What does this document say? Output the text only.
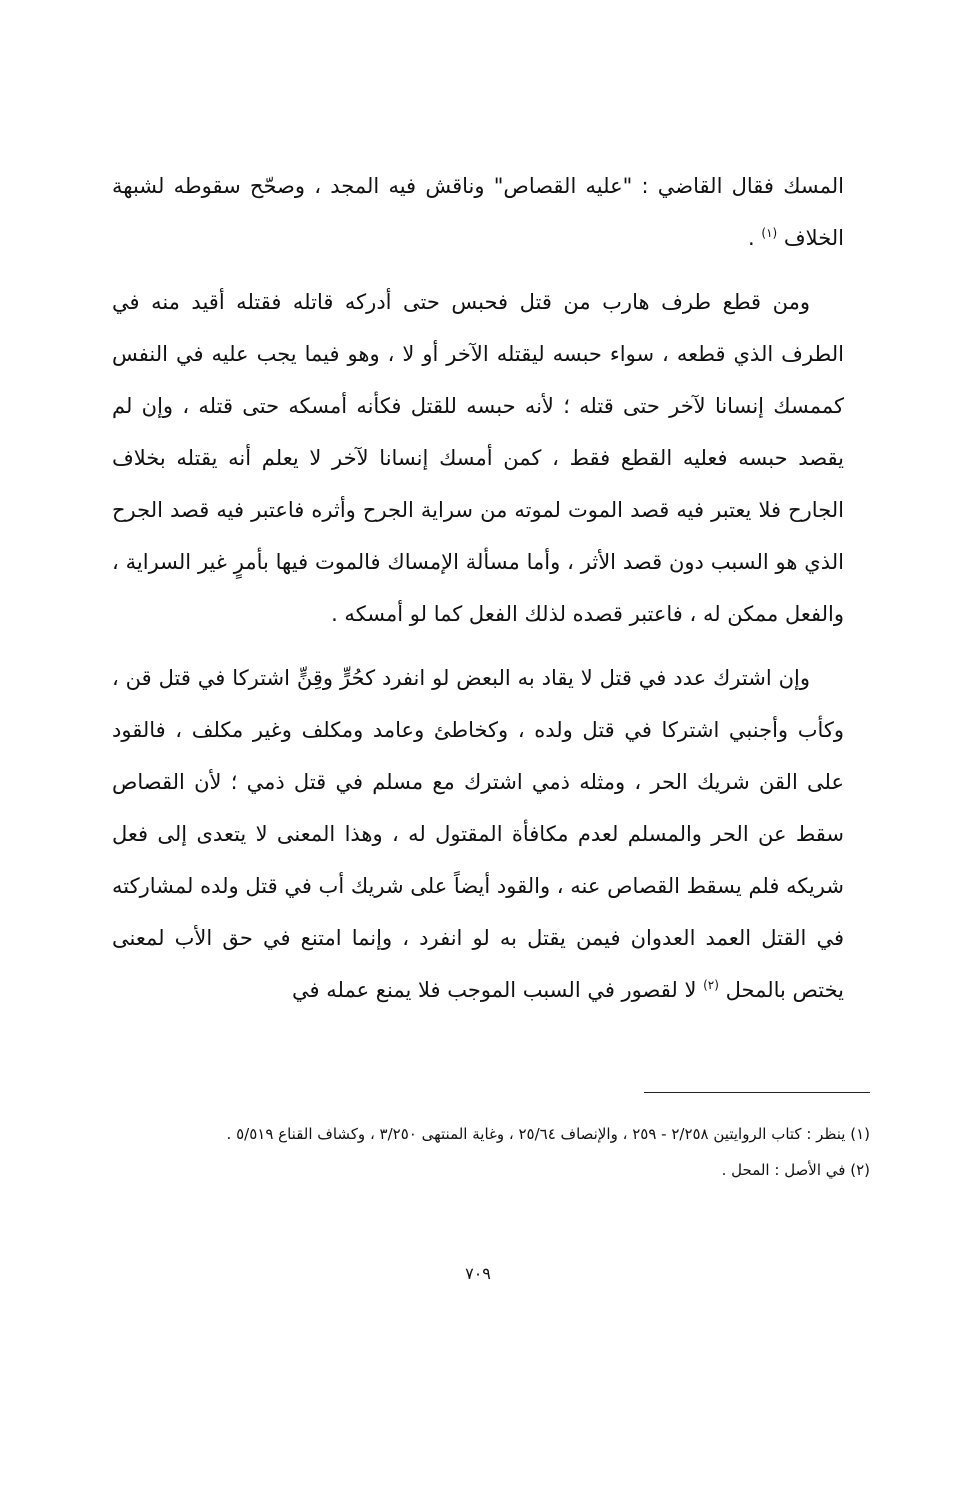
المسك فقال القاضي : "عليه القصاص" وناقش فيه المجد ، وصحّح سقوطه لشبهة الخلاف $^{(١)}$ .

ومن قطع طرف هارب من قتل فحبس حتى أدركه قاتله فقتله أقيد منه في الطرف الذي قطعه ، سواء حبسه ليقتله الآخر أو لا ، وهو فيما يجب عليه في النفس كممسك إنسانا لآخر حتى قتله ؛ لأنه حبسه للقتل فكأنه أمسكه حتى قتله ، وإن لم يقصد حبسه فعليه القطع فقط ، كمن أمسك إنسانا لآخر لا يعلم أنه يقتله بخلاف الجارح فلا يعتبر فيه قصد الموت لموته من سراية الجرح وأثره فاعتبر فيه قصد الجرح الذي هو السبب دون قصد الأثر ، وأما مسألة الإمساك فالموت فيها بأمرٍ غير السراية ، والفعل ممكن له ، فاعتبر قصده لذلك الفعل كما لو أمسكه .

وإن اشترك عدد في قتل لا يقاد به البعض لو انفرد كحُرٍّ وقِنٍّ اشتركا في قتل قن ، وكأب وأجنبي اشتركا في قتل ولده ، وكخاطئ وعامد ومكلف وغير مكلف ، فالقود على القن شريك الحر ، ومثله ذمي اشترك مع مسلم في قتل ذمي ؛ لأن القصاص سقط عن الحر والمسلم لعدم مكافأة المقتول له ، وهذا المعنى لا يتعدى إلى فعل شريكه فلم يسقط القصاص عنه ، والقود أيضاً على شريك أب في قتل ولده لمشاركته في القتل العمد العدوان فيمن يقتل به لو انفرد ، وإنما امتنع في حق الأب لمعنى يختص بالمحل $^{(٢)}$ لا لقصور في السبب الموجب فلا يمنع عمله في

(١) ينظر : كتاب الروايتين ٢/٢٥٨ - ٢٥٩ ، والإنصاف ٢٥/٦٤ ، وغاية المنتهى ٣/٢٥٠ ، وكشاف القناع ٥/٥١٩ .

(٢) في الأصل : المحل .

٧٠٩
